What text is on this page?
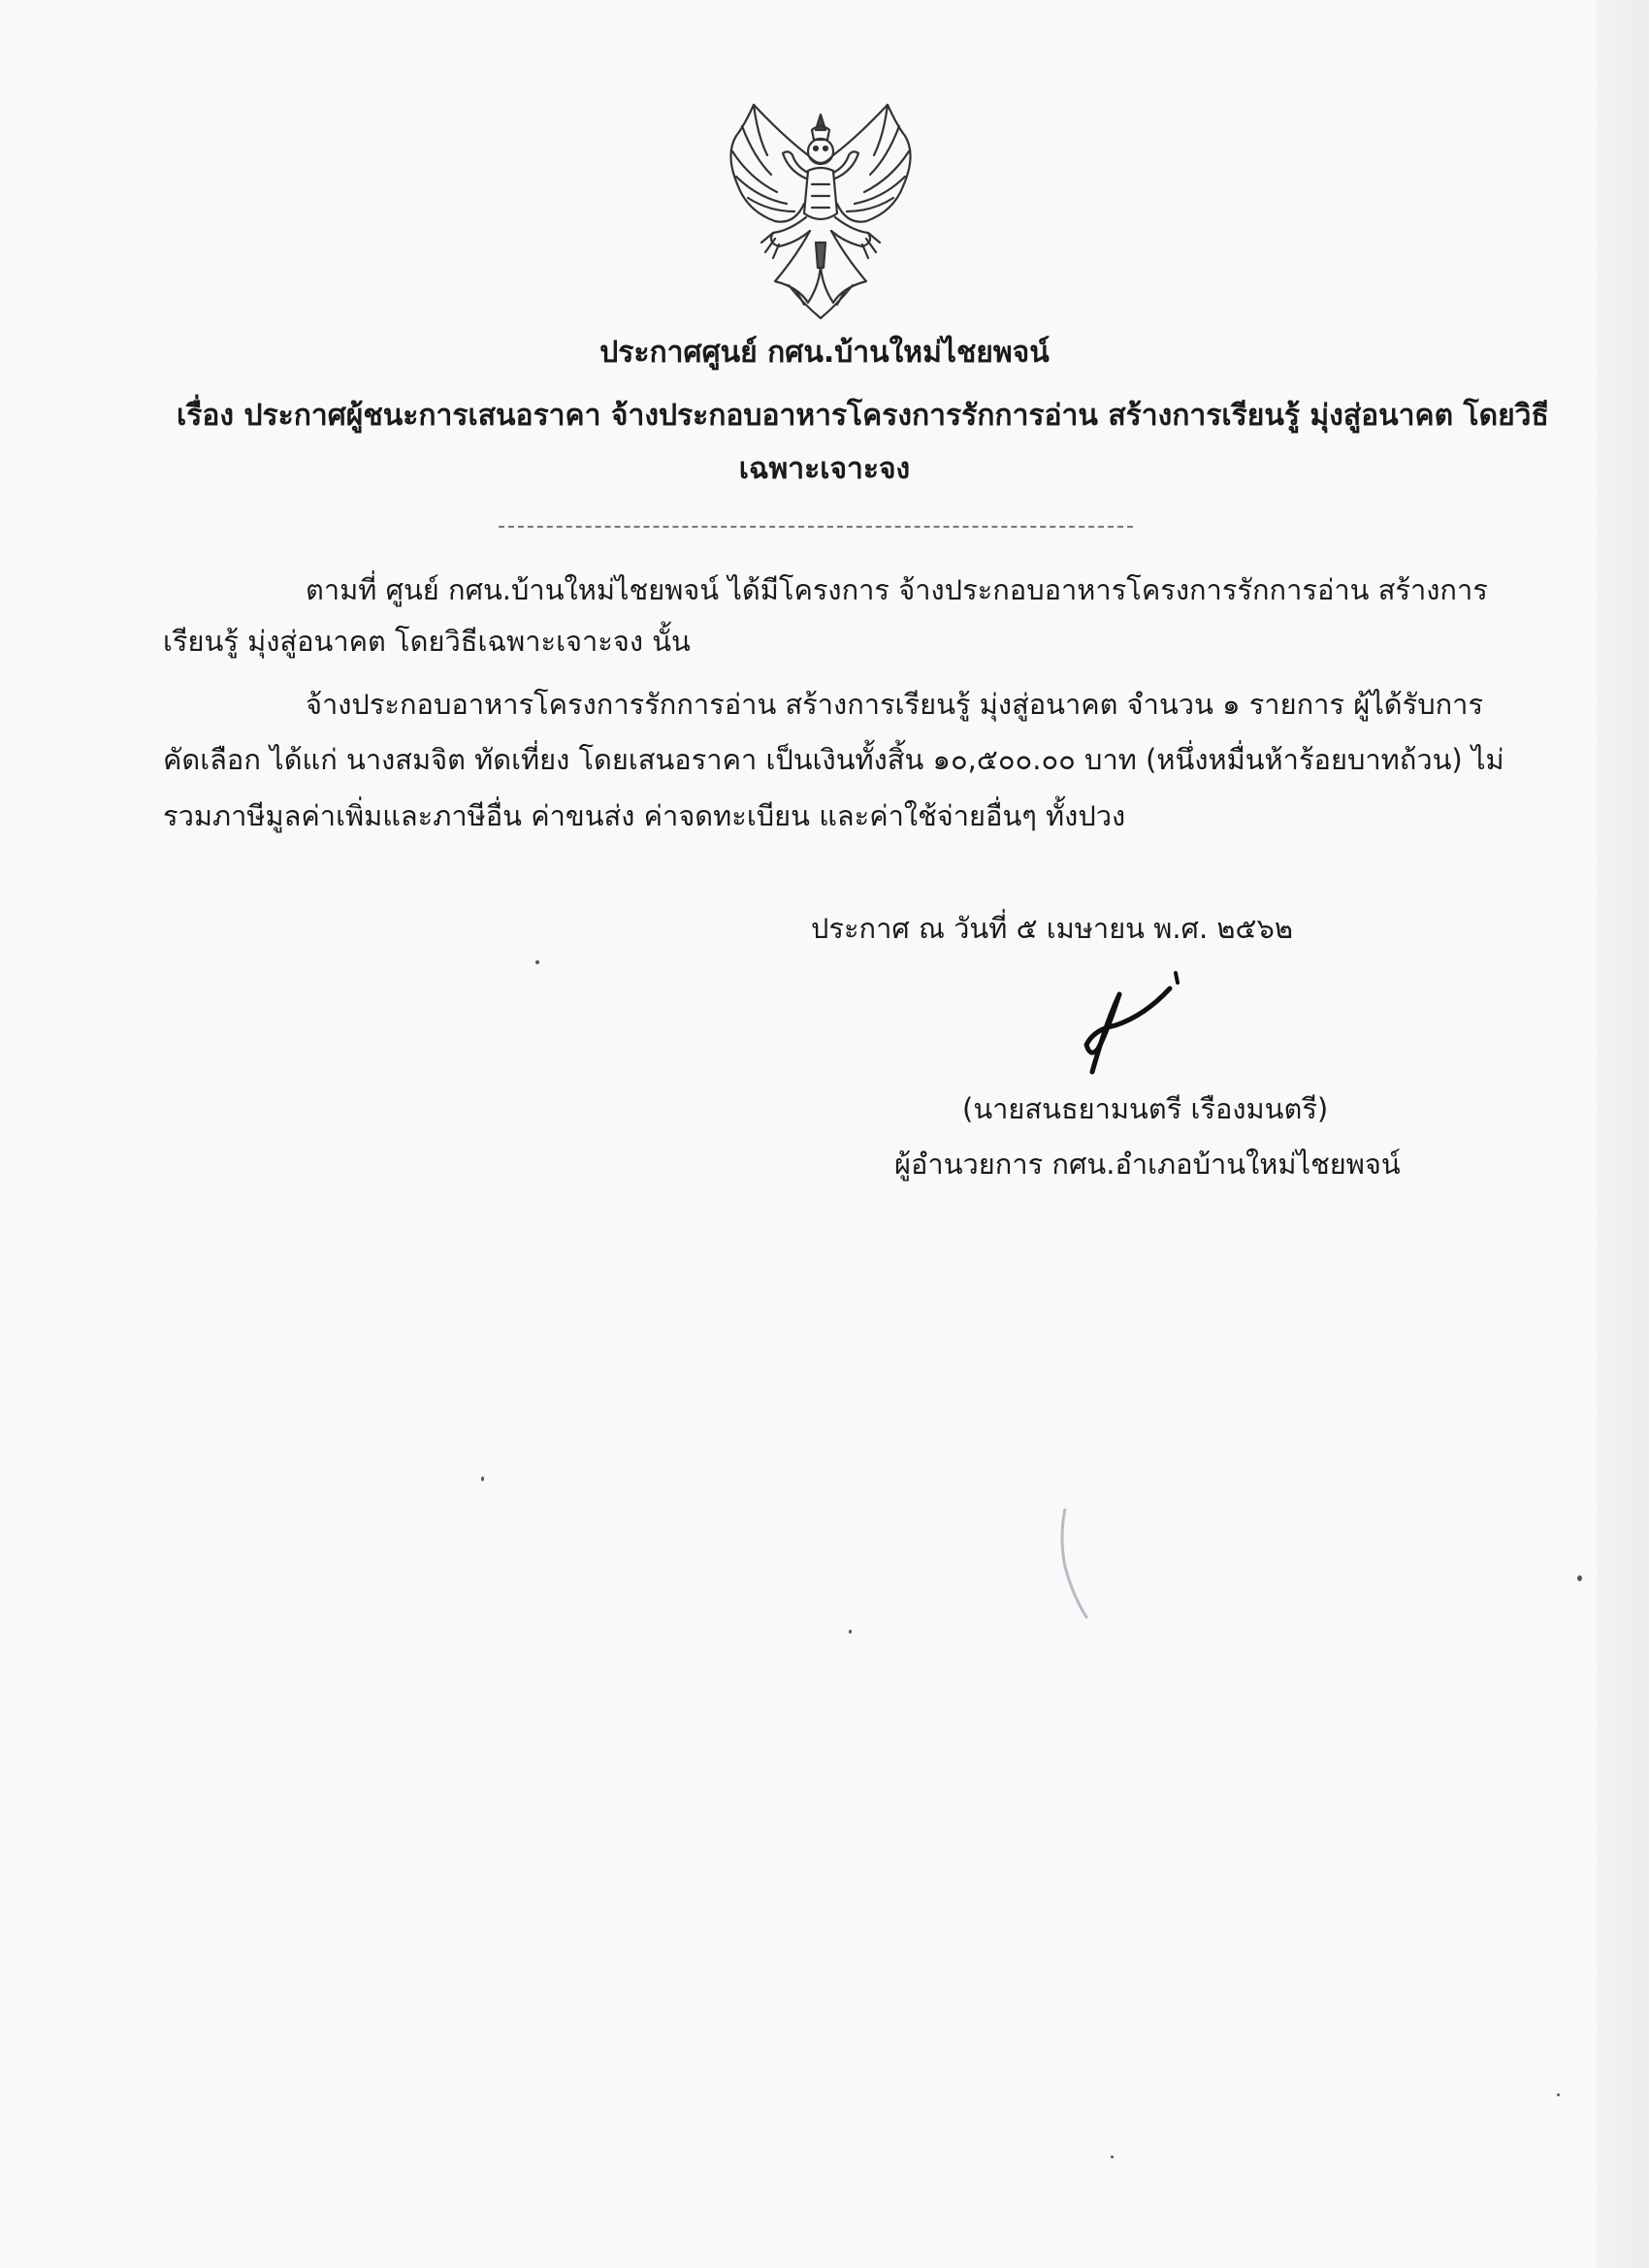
ประกาศศูนย์ กศน.บ้านใหม่ไชยพจน์
เรื่อง ประกาศผู้ชนะการเสนอราคา จ้างประกอบอาหารโครงการรักการอ่าน สร้างการเรียนรู้ มุ่งสู่อนาคต โดยวิธี
เฉพาะเจาะจง
ตามที่ ศูนย์ กศน.บ้านใหม่ไชยพจน์ ได้มีโครงการ จ้างประกอบอาหารโครงการรักการอ่าน สร้างการ
เรียนรู้ มุ่งสู่อนาคต โดยวิธีเฉพาะเจาะจง นั้น
จ้างประกอบอาหารโครงการรักการอ่าน สร้างการเรียนรู้ มุ่งสู่อนาคต จำนวน ๑ รายการ ผู้ได้รับการ
คัดเลือก ได้แก่ นางสมจิต ทัดเที่ยง โดยเสนอราคา เป็นเงินทั้งสิ้น ๑๐,๕๐๐.๐๐ บาท (หนึ่งหมื่นห้าร้อยบาทถ้วน) ไม่
รวมภาษีมูลค่าเพิ่มและภาษีอื่น ค่าขนส่ง ค่าจดทะเบียน และค่าใช้จ่ายอื่นๆ ทั้งปวง
ประกาศ ณ วันที่ ๕ เมษายน พ.ศ. ๒๕๖๒
(นายสนธยามนตรี เรืองมนตรี)
ผู้อำนวยการ กศน.อำเภอบ้านใหม่ไชยพจน์
